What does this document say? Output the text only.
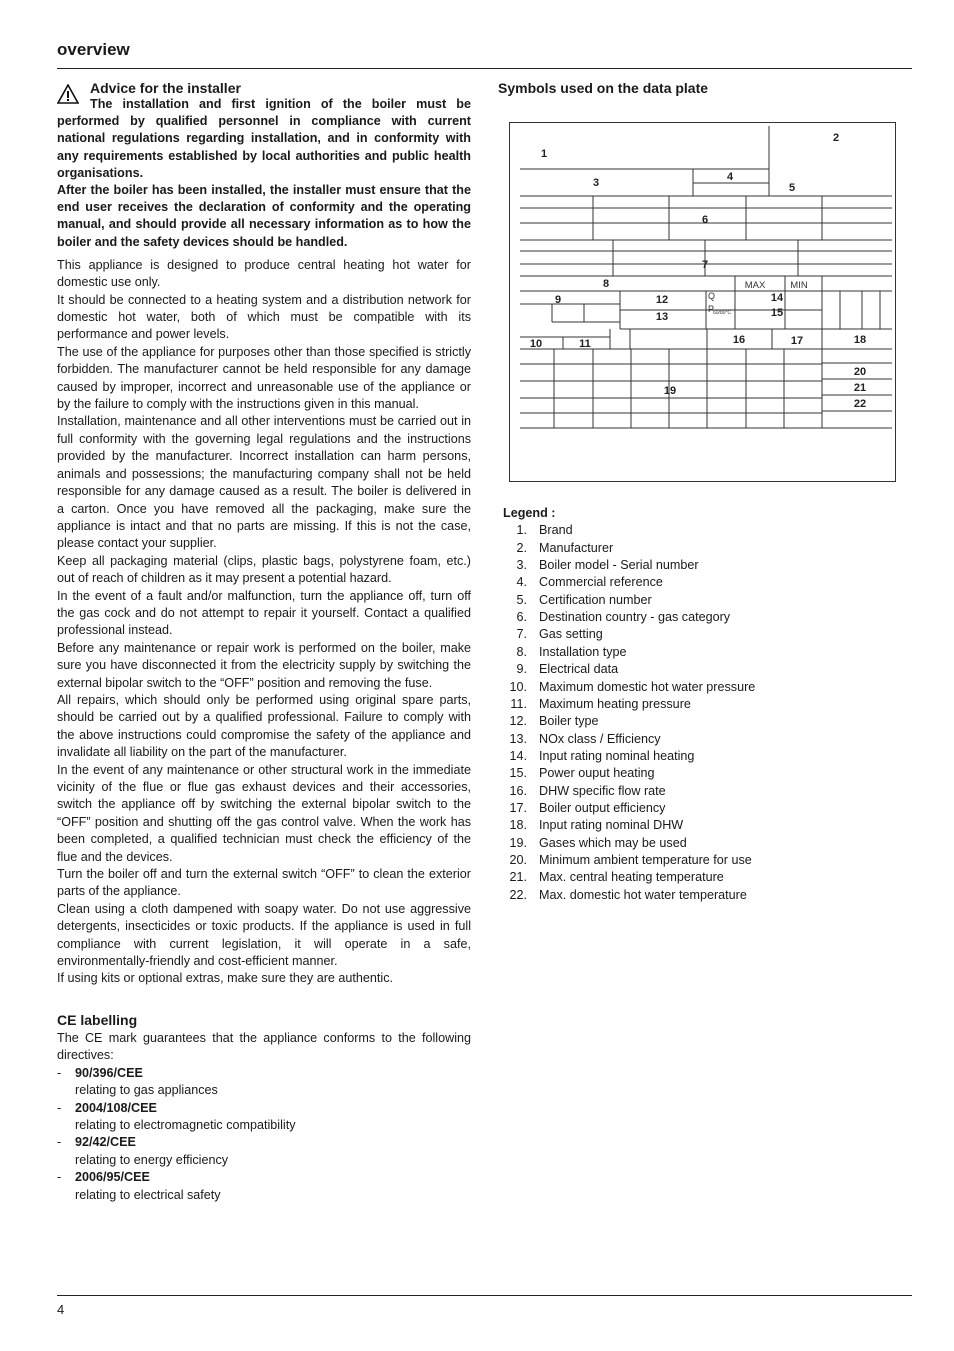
overview
Advice for the installer

The installation and first ignition of the boiler must be performed by qualified personnel in compliance with current national regulations regarding installation, and in conformity with any requirements established by local authorities and public health organisations.

After the boiler has been installed, the installer must ensure that the end user receives the declaration of conformity and the operating manual, and should provide all necessary information as to how the boiler and the safety devices should be handled.

This appliance is designed to produce central heating hot water for domestic use only.

It should be connected to a heating system and a distribution network for domestic hot water, both of which must be compatible with its performance and power levels.

The use of the appliance for purposes other than those specified is strictly forbidden. The manufacturer cannot be held responsible for any damage caused by improper, incorrect and unreasonable use of the appliance or by the failure to comply with the instructions given in this manual.

Installation, maintenance and all other interventions must be carried out in full conformity with the governing legal regulations and the instructions provided by the manufacturer. Incorrect installation can harm persons, animals and possessions; the manufacturing company shall not be held responsible for any damage caused as a result. The boiler is delivered in a carton. Once you have removed all the packaging, make sure the appliance is intact and that no parts are missing. If this is not the case, please contact your supplier.

Keep all packaging material (clips, plastic bags, polystyrene foam, etc.) out of reach of children as it may present a potential hazard.

In the event of a fault and/or malfunction, turn the appliance off, turn off the gas cock and do not attempt to repair it yourself. Contact a qualified professional instead.

Before any maintenance or repair work is performed on the boiler, make sure you have disconnected it from the electricity supply by switching the external bipolar switch to the “OFF” position and removing the fuse.

All repairs, which should only be performed using original spare parts, should be carried out by a qualified professional. Failure to comply with the above instructions could compromise the safety of the appliance and invalidate all liability on the part of the manufacturer.

In the event of any maintenance or other structural work in the immediate vicinity of the flue or flue gas exhaust devices and their accessories, switch the appliance off by switching the external bipolar switch to the “OFF” position and shutting off the gas control valve. When the work has been completed, a qualified technician must check the efficiency of the flue and the devices.

Turn the boiler off and turn the external switch “OFF” to clean the exterior parts of the appliance.

Clean using a cloth dampened with soapy water. Do not use aggressive detergents, insecticides or toxic products. If the appliance is used in full compliance with current legislation, it will operate in a safe, environmentally-friendly and cost-efficient manner.

If using kits or optional extras, make sure they are authentic.

CE labelling

The CE mark guarantees that the appliance conforms to the following directives:

- 90/396/CEE
relating to gas appliances
- 2004/108/CEE
relating to electromagnetic compatibility
- 92/42/CEE
relating to energy efficiency
- 2006/95/CEE
relating to electrical safety
Symbols used on the data plate
1
2
3	4
5
6
7
8
9	12
13
14
15
10	11	16	17	18
19
20
21
22
MAX	MIN
Q
P
60/80°C
Legend :
1. Brand
2. Manufacturer
3. Boiler model - Serial number
4. Commercial reference
5. Certification number
6. Destination country - gas category
7. Gas setting
8. Installation type
9. Electrical data
10. Maximum domestic hot water pressure
11. Maximum heating pressure
12. Boiler type
13. NOx class / Efficiency
14. Input rating nominal heating
15. Power ouput heating
16. DHW specific flow rate
17. Boiler output efficiency
18. Input rating nominal DHW
19. Gases which may be used
20. Minimum ambient temperature for use
21. Max. central heating temperature
22. Max. domestic hot water temperature
4
